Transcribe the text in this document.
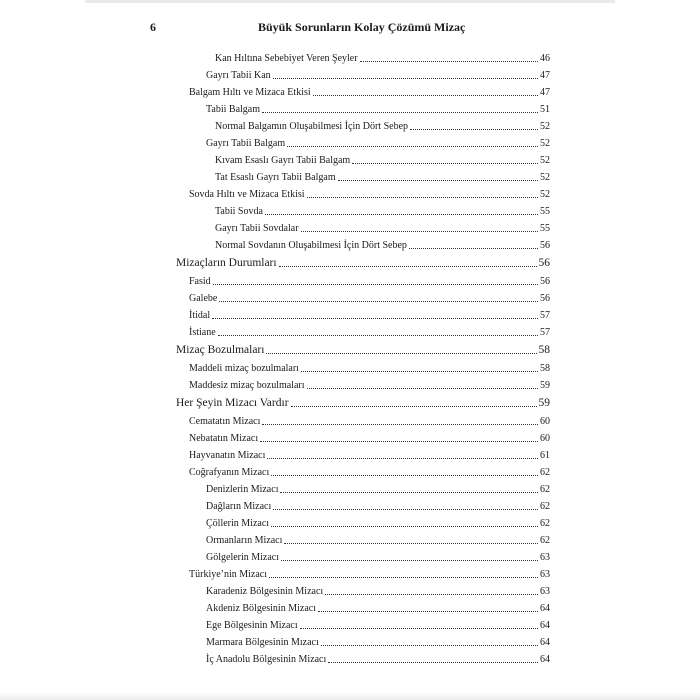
6	Büyük Sorunların Kolay Çözümü Mizaç
Kan Hıltına Sebebiyet Veren Şeyler	46
Gayrı Tabii Kan	47
Balgam Hıltı ve Mizaca Etkisi	47
Tabii Balgam	51
Normal Balgamın Oluşabilmesi İçin Dört Sebep	52
Gayrı Tabii Balgam	52
Kıvam Esaslı Gayrı Tabii Balgam	52
Tat Esaslı Gayrı Tabii Balgam	52
Sovda Hıltı ve Mizaca Etkisi	52
Tabii Sovda	55
Gayrı Tabii Sovdalar	55
Normal Sovdanın Oluşabilmesi İçin Dört Sebep	56
Mizaçların Durumları	56
Fasid	56
Galebe	56
İtidal	57
İstiane	57
Mizaç Bozulmaları	58
Maddeli mizaç bozulmaları	58
Maddesiz mizaç bozulmaları	59
Her Şeyin Mizacı Vardır	59
Cematatın Mizacı	60
Nebatatın Mizacı	60
Hayvanatın Mizacı	61
Coğrafyanın Mizacı	62
Denizlerin Mizacı	62
Dağların Mizacı	62
Çöllerin Mizacı	62
Ormanların Mizacı	62
Gölgelerin Mizacı	63
Türkiye’nin Mizacı	63
Karadeniz Bölgesinin Mizacı	63
Akdeniz Bölgesinin Mizacı	64
Ege Bölgesinin Mizacı	64
Marmara Bölgesinin Mızacı	64
İç Anadolu Bölgesinin Mizacı	64
